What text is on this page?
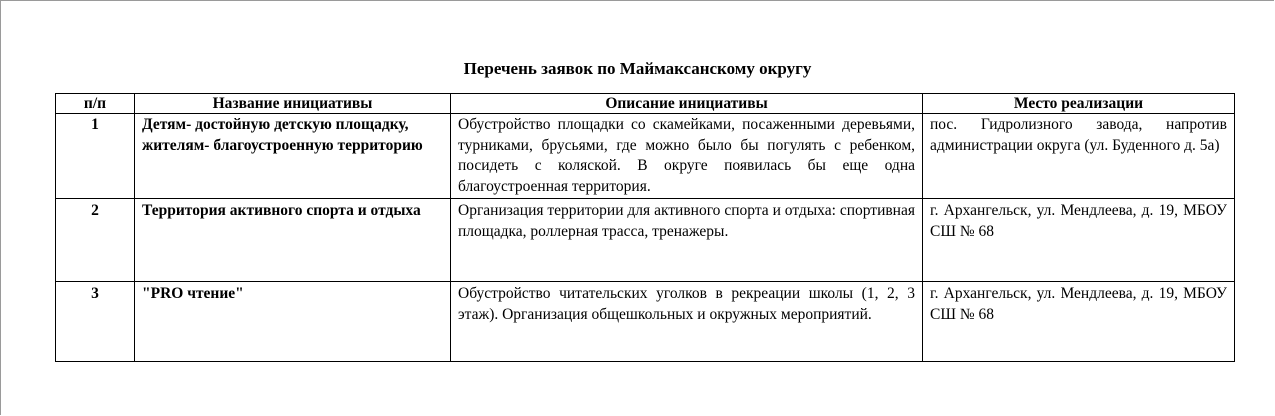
Перечень заявок по Маймаксанскому округу
п/п	Название инициативы	Описание инициативы	Место реализации
1	Детям- достойную детскую площадку, жителям- благоустроенную территорию	Обустройство площадки со скамейками, посаженными деревьями, турниками, брусьями, где можно было бы погулять с ребенком, посидеть с коляской. В округе появилась бы еще одна благоустроенная территория.	пос. Гидролизного завода, напротив администрации округа (ул. Буденного д. 5а)
2	Территория активного спорта и отдыха	Организация территории для активного спорта и отдыха: спортивная площадка, роллерная трасса, тренажеры.	г. Архангельск, ул. Мендлеева, д. 19, МБОУ СШ № 68
3	"PRO чтение"	Обустройство читательских уголков в рекреации школы (1, 2, 3 этаж). Организация общешкольных и окружных мероприятий.	г. Архангельск, ул. Мендлеева, д. 19, МБОУ СШ № 68
